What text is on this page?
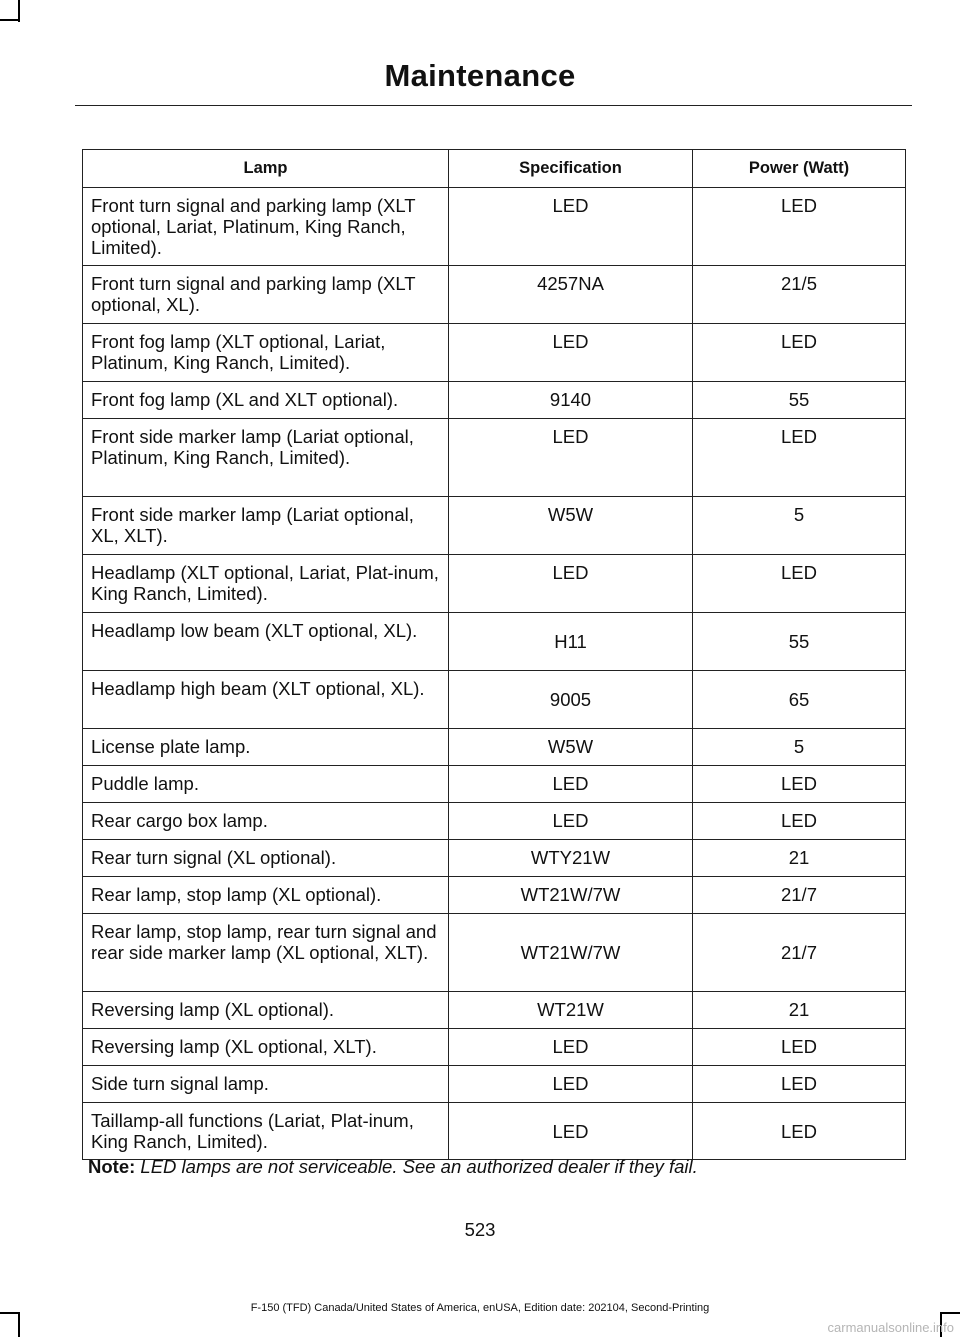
Maintenance
Lamp	Specification	Power (Watt)
Front turn signal and parking lamp (XLT optional, Lariat, Platinum, King Ranch, Limited).	LED	LED
Front turn signal and parking lamp (XLT optional, XL).	4257NA	21/5
Front fog lamp (XLT optional, Lariat, Platinum, King Ranch, Limited).	LED	LED
Front fog lamp (XL and XLT optional).	9140	55
Front side marker lamp (Lariat optional, Platinum, King Ranch, Limited).	LED	LED
Front side marker lamp (Lariat optional, XL, XLT).	W5W	5
Headlamp (XLT optional, Lariat, Plat-inum, King Ranch, Limited).	LED	LED
Headlamp low beam (XLT optional, XL).	H11	55
Headlamp high beam (XLT optional, XL).	9005	65
License plate lamp.	W5W	5
Puddle lamp.	LED	LED
Rear cargo box lamp.	LED	LED
Rear turn signal (XL optional).	WTY21W	21
Rear lamp, stop lamp (XL optional).	WT21W/7W	21/7
Rear lamp, stop lamp, rear turn signal and rear side marker lamp (XL optional, XLT).	WT21W/7W	21/7
Reversing lamp (XL optional).	WT21W	21
Reversing lamp (XL optional, XLT).	LED	LED
Side turn signal lamp.	LED	LED
Taillamp-all functions (Lariat, Plat-inum, King Ranch, Limited).	LED	LED
Note: LED lamps are not serviceable. See an authorized dealer if they fail.
523
F-150 (TFD) Canada/United States of America, enUSA, Edition date: 202104, Second-Printing
carmanualsonline.info
